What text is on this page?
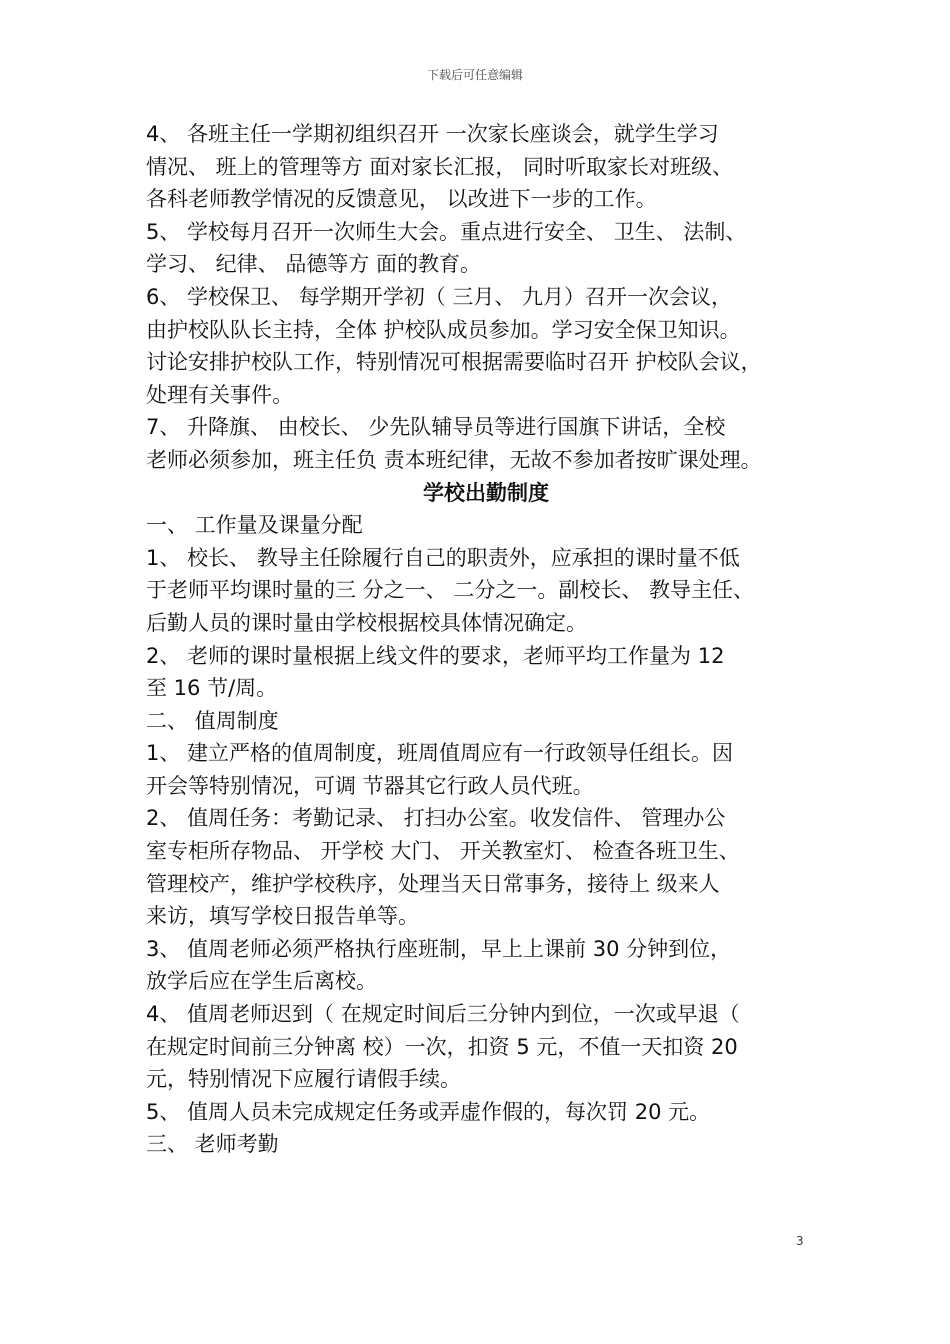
下载后可任意编辑
4、 各班主任一学期初组织召开 一次家长座谈会，就学生学习
情况、 班上的管理等方 面对家长汇报， 同时听取家长对班级、
各科老师教学情况的反馈意见， 以改进下一步的工作。
5、 学校每月召开一次师生大会。重点进行安全、 卫生、 法制、
学习、 纪律、 品德等方 面的教育。
6、 学校保卫、 每学期开学初（ 三月、 九月）召开一次会议，
由护校队队长主持，全体 护校队成员参加。学习安全保卫知识。
讨论安排护校队工作，特别情况可根据需要临时召开 护校队会议，
处理有关事件。
7、 升降旗、 由校长、 少先队辅导员等进行国旗下讲话，全校
老师必须参加，班主任负 责本班纪律，无故不参加者按旷课处理。
学校出勤制度
一、 工作量及课量分配
1、 校长、 教导主任除履行自己的职责外，应承担的课时量不低
于老师平均课时量的三 分之一、 二分之一。副校长、 教导主任、
后勤人员的课时量由学校根据校具体情况确定。
2、 老师的课时量根据上线文件的要求，老师平均工作量为 12
至 16 节/周。
二、 值周制度
1、 建立严格的值周制度，班周值周应有一行政领导任组长。因
开会等特别情况，可调 节器其它行政人员代班。
2、 值周任务：考勤记录、 打扫办公室。收发信件、 管理办公
室专柜所存物品、 开学校 大门、 开关教室灯、 检查各班卫生、
管理校产，维护学校秩序，处理当天日常事务，接待上 级来人
来访，填写学校日报告单等。
3、 值周老师必须严格执行座班制，早上上课前 30 分钟到位，
放学后应在学生后离校。
4、 值周老师迟到（ 在规定时间后三分钟内到位，一次或早退（
在规定时间前三分钟离 校）一次，扣资 5 元，不值一天扣资 20
元，特别情况下应履行请假手续。
5、 值周人员未完成规定任务或弄虚作假的，每次罚 20 元。
三、 老师考勤
3
